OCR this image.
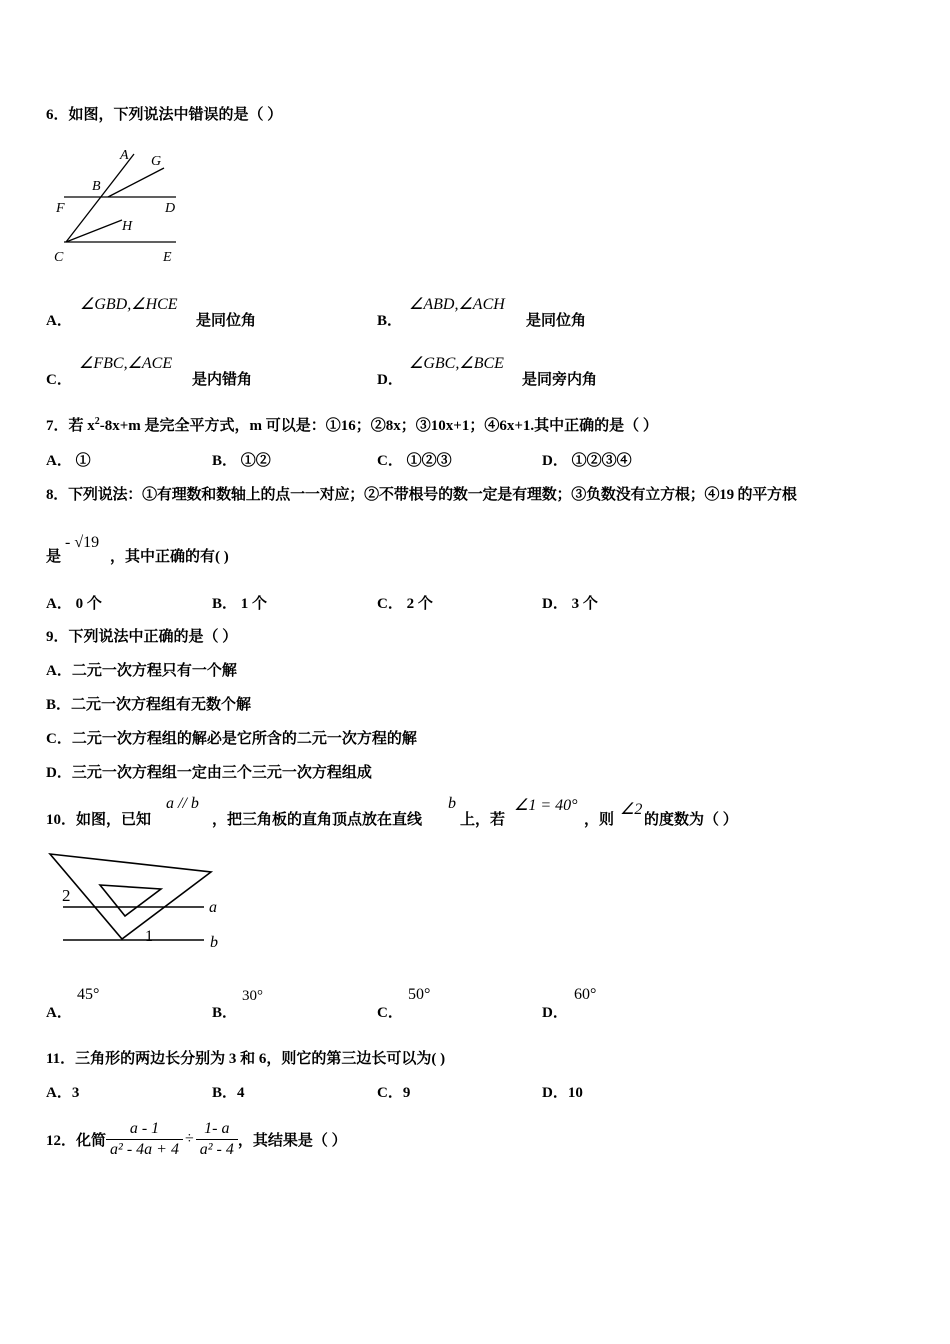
6．如图，下列说法中错误的是（ ）
A G
B
F	D
H
C	E
A．
∠GBD,∠HCE
是同位角	B．
∠ABD,∠ACH
是同位角
C．
∠FBC,∠ACE
是内错角	D．
∠GBC,∠BCE
是同旁内角
7．若 $x^2-8x+m$ 是完全平方式，m 可以是：①16；②8x；③10x+1；④6x+1.其中正确的是（ ）
A． ①	B． ①②	C． ①②③	D． ①②③④
8．下列说法：①有理数和数轴上的点一一对应；②不带根号的数一定是有理数；③负数没有立方根；④19 的平方根
是
- √19
，其中正确的有( )
A． 0 个	B． 1 个	C． 2 个	D． 3 个
9．下列说法中正确的是（ ）
A．二元一次方程只有一个解
B．二元一次方程组有无数个解
C．二元一次方程组的解必是它所含的二元一次方程的解
D．三元一次方程组一定由三个三元一次方程组成
10．如图，已知
a // b
，把三角板的直角顶点放在直线
b
上，若
∠1 = 40°
，则
∠2
的度数为（ ）
2
a
1	b
A．
45°
B．
30°
C．
50°
D．
60°
11．三角形的两边长分别为 3 和 6，则它的第三边长可以为( )
A．3	B．4	C．9	D．10
12．化简 $\frac{a - 1}{\text{a² - 4a + 4}} \div \frac{1- a}{\text{a² - 4}}$ ，其结果是（ ）
